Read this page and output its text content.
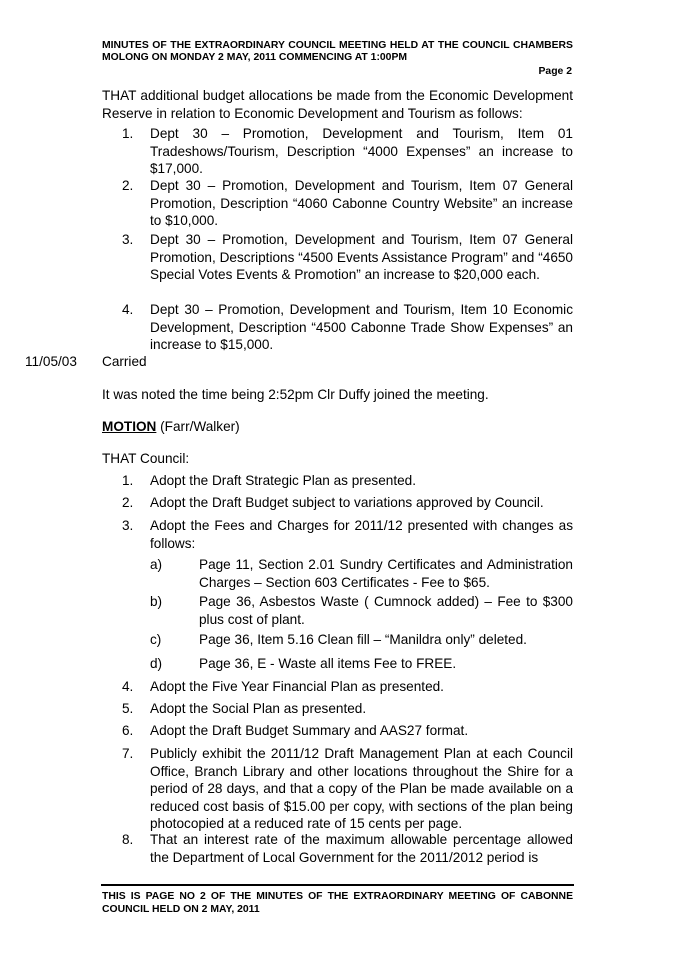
MINUTES OF THE EXTRAORDINARY COUNCIL MEETING HELD AT THE COUNCIL CHAMBERS MOLONG ON MONDAY 2 MAY, 2011 COMMENCING AT 1:00PM
Page 2
THAT additional budget allocations be made from the Economic Development Reserve in relation to Economic Development and Tourism as follows:
1. Dept 30 – Promotion, Development and Tourism, Item 01 Tradeshows/Tourism, Description “4000 Expenses” an increase to $17,000.
2. Dept 30 – Promotion, Development and Tourism, Item 07 General Promotion, Description “4060 Cabonne Country Website” an increase to $10,000.
3. Dept 30 – Promotion, Development and Tourism, Item 07 General Promotion, Descriptions “4500 Events Assistance Program” and “4650 Special Votes Events & Promotion” an increase to $20,000 each.
4. Dept 30 – Promotion, Development and Tourism, Item 10 Economic Development, Description “4500 Cabonne Trade Show Expenses” an increase to $15,000.
11/05/03 Carried
It was noted the time being 2:52pm Clr Duffy joined the meeting.
MOTION (Farr/Walker)
THAT Council:
1. Adopt the Draft Strategic Plan as presented.
2. Adopt the Draft Budget subject to variations approved by Council.
3. Adopt the Fees and Charges for 2011/12 presented with changes as follows:
a)	Page 11, Section 2.01 Sundry Certificates and Administration Charges – Section 603 Certificates - Fee to $65.
b)	Page 36, Asbestos Waste ( Cumnock added) – Fee to $300 plus cost of plant.
c)	Page 36, Item 5.16 Clean fill – “Manildra only” deleted.
d)	Page 36, E - Waste all items Fee to FREE.
4. Adopt the Five Year Financial Plan as presented.
5. Adopt the Social Plan as presented.
6. Adopt the Draft Budget Summary and AAS27 format.
7. Publicly exhibit the 2011/12 Draft Management Plan at each Council Office, Branch Library and other locations throughout the Shire for a period of 28 days, and that a copy of the Plan be made available on a reduced cost basis of $15.00 per copy, with sections of the plan being photocopied at a reduced rate of 15 cents per page.
8. That an interest rate of the maximum allowable percentage allowed the Department of Local Government for the 2011/2012 period is
THIS IS PAGE NO 2 OF THE MINUTES OF THE EXTRAORDINARY MEETING OF CABONNE COUNCIL HELD ON 2 MAY, 2011
